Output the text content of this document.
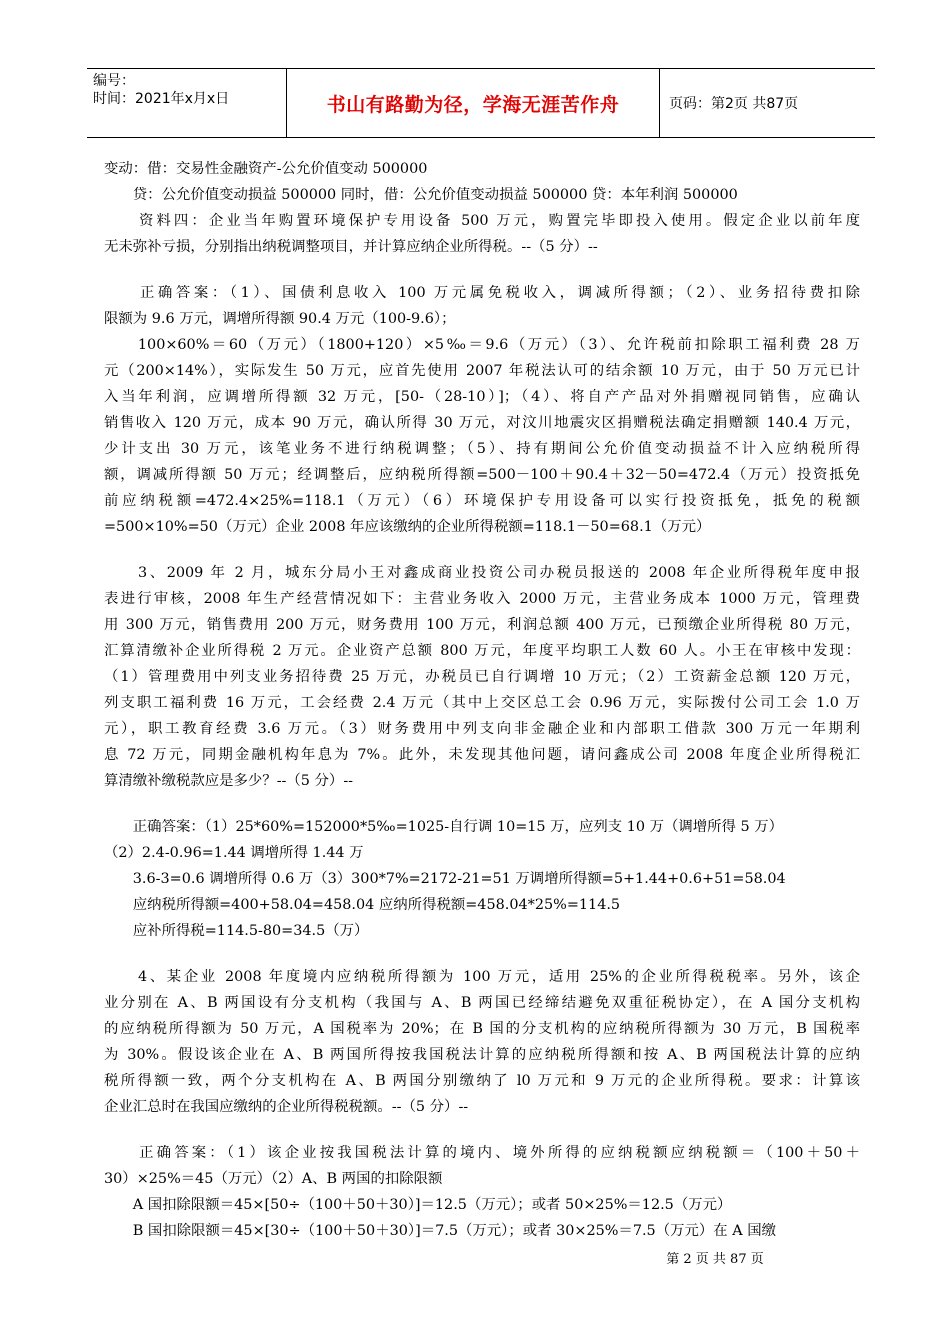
编号：
时间：2021年x月x日	书山有路勤为径，学海无涯苦作舟	页码：第2页 共87页
变动：借：交易性金融资产-公允价值变动 500000
　　贷：公允价值变动损益 500000 同时，借：公允价值变动损益 500000 贷：本年利润 500000
　　资料四：企业当年购置环境保护专用设备 500 万元，购置完毕即投入使用。假定企业以前年度
无未弥补亏损，分别指出纳税调整项目，并计算应纳企业所得税。--（5 分）--
　　正确答案：（1）、国债利息收入 100 万元属免税收入，调减所得额；（2）、业务招待费扣除
限额为 9.6 万元，调增所得额 90.4 万元（100-9.6）；
　　100×60%＝60（万元）（1800+120）×5‰＝9.6（万元）（3）、允许税前扣除职工福利费 28 万
元（200×14%），实际发生 50 万元，应首先使用 2007 年税法认可的结余额 10 万元，由于 50 万元已计
入当年利润，应调增所得额 32 万元，[50-（28-10）]；（4）、将自产产品对外捐赠视同销售，应确认
销售收入 120 万元，成本 90 万元，确认所得 30 万元，对汶川地震灾区捐赠税法确定捐赠额 140.4 万元，
少计支出 30 万元，该笔业务不进行纳税调整；（5）、持有期间公允价值变动损益不计入应纳税所得
额，调减所得额 50 万元；经调整后，应纳税所得额=500－100＋90.4＋32－50=472.4（万元）投资抵免
前应纳税额=472.4×25%=118.1（万元）（6）环境保护专用设备可以实行投资抵免，抵免的税额
=500×10%=50（万元）企业 2008 年应该缴纳的企业所得税额=118.1－50=68.1（万元）
　　3、2009 年 2 月，城东分局小王对鑫成商业投资公司办税员报送的 2008 年企业所得税年度申报
表进行审核，2008 年生产经营情况如下：主营业务收入 2000 万元，主营业务成本 1000 万元，管理费
用 300 万元，销售费用 200 万元，财务费用 100 万元，利润总额 400 万元，已预缴企业所得税 80 万元，
汇算清缴补企业所得税 2 万元。企业资产总额 800 万元，年度平均职工人数 60 人。小王在审核中发现：
（1）管理费用中列支业务招待费 25 万元，办税员已自行调增 10 万元；（2）工资薪金总额 120 万元，
列支职工福利费 16 万元，工会经费 2.4 万元（其中上交区总工会 0.96 万元，实际拨付公司工会 1.0 万
元），职工教育经费 3.6 万元。（3）财务费用中列支向非金融企业和内部职工借款 300 万元一年期利
息 72 万元，同期金融机构年息为 7%。此外，未发现其他问题，请问鑫成公司 2008 年度企业所得税汇
算清缴补缴税款应是多少？--（5 分）--
　　正确答案：（1）25*60%=152000*5‰=1025-自行调 10=15 万，应列支 10 万（调增所得 5 万）
（2）2.4-0.96=1.44 调增所得 1.44 万
　　3.6-3=0.6 调增所得 0.6 万（3）300*7%=2172-21=51 万调增所得额=5+1.44+0.6+51=58.04
　　应纳税所得额=400+58.04=458.04 应纳所得税额=458.04*25%=114.5
　　应补所得税=114.5-80=34.5（万）
　　4、某企业 2008 年度境内应纳税所得额为 100 万元，适用 25%的企业所得税税率。另外，该企
业分别在 A、B 两国设有分支机构（我国与 A、B 两国已经缔结避免双重征税协定），在 A 国分支机构
的应纳税所得额为 50 万元，A 国税率为 20%；在 B 国的分支机构的应纳税所得额为 30 万元，B 国税率
为 30%。假设该企业在 A、B 两国所得按我国税法计算的应纳税所得额和按 A、B 两国税法计算的应纳
税所得额一致，两个分支机构在 A、B 两国分别缴纳了 l0 万元和 9 万元的企业所得税。要求：计算该
企业汇总时在我国应缴纳的企业所得税税额。--（5 分）--
　　正确答案：（1）该企业按我国税法计算的境内、境外所得的应纳税额应纳税额＝（100＋50＋
30）×25%＝45（万元）（2）A、B 两国的扣除限额
　　A 国扣除限额＝45×[50÷（100＋50＋30）]＝12.5（万元）；或者 50×25%＝12.5（万元）
　　B 国扣除限额＝45×[30÷（100＋50＋30）]＝7.5（万元）；或者 30×25%＝7.5（万元）在 A 国缴
第 2 页 共 87 页
